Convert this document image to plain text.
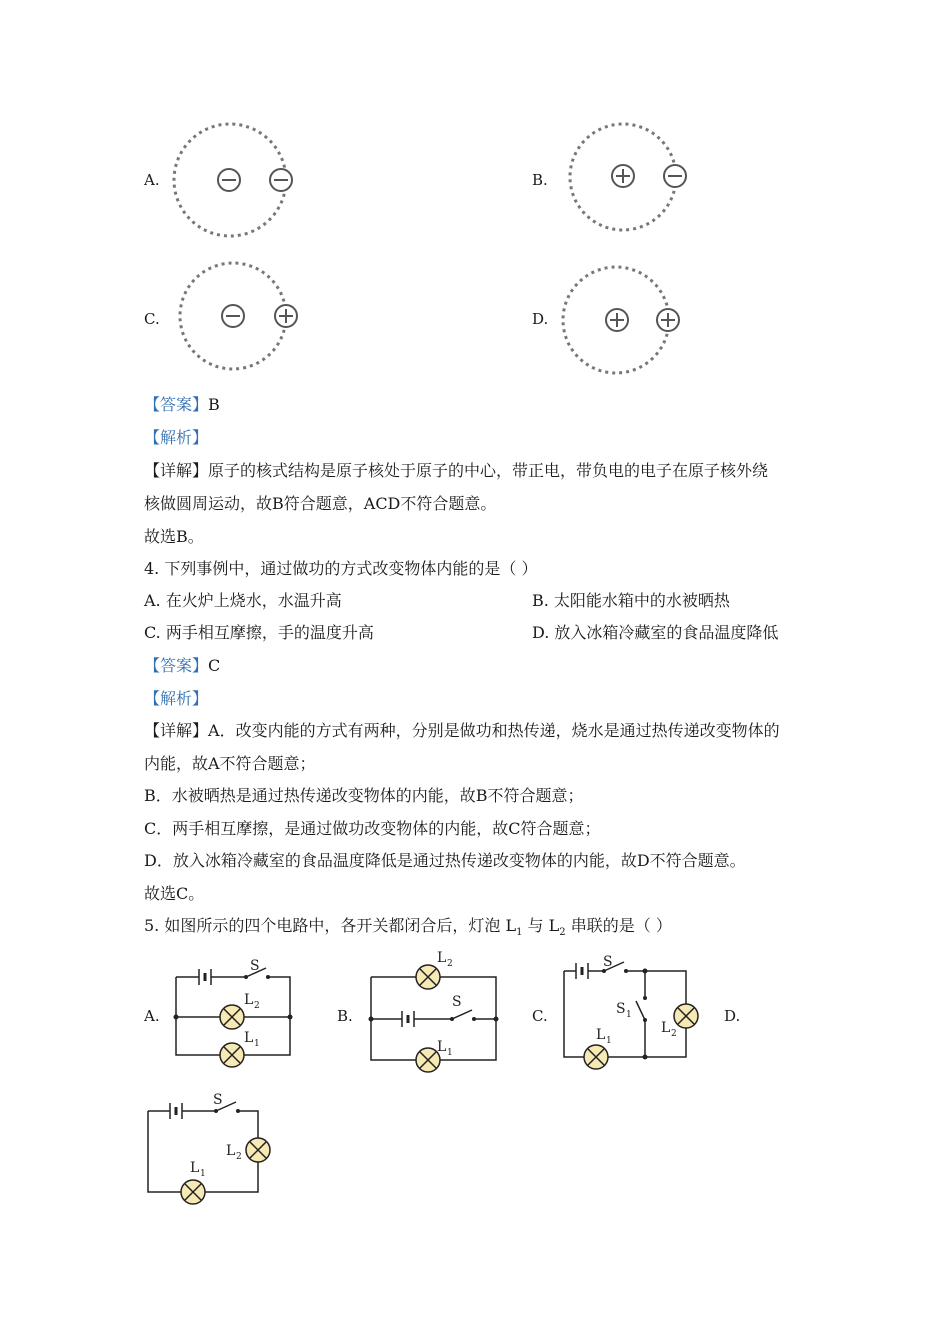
A.	B.
C.	D.
【答案】B
【解析】
【详解】原子的核式结构是原子核处于原子的中心，带正电，带负电的电子在原子核外绕
核做圆周运动，故B符合题意，ACD不符合题意。
故选B。
4. 下列事例中，通过做功的方式改变物体内能的是（ ）
A. 在火炉上烧水，水温升高	B. 太阳能水箱中的水被晒热
C. 两手相互摩擦，手的温度升高	D. 放入冰箱冷藏室的食品温度降低
【答案】C
【解析】
【详解】A．改变内能的方式有两种，分别是做功和热传递，烧水是通过热传递改变物体的
内能，故A不符合题意；
B．水被晒热是通过热传递改变物体的内能，故B不符合题意；
C．两手相互摩擦，是通过做功改变物体的内能，故C符合题意；
D．放入冰箱冷藏室的食品温度降低是通过热传递改变物体的内能，故D不符合题意。
故选C。
5. 如图所示的四个电路中，各开关都闭合后，灯泡 $L_1$ 与 $L_2$ 串联的是（ ）
A.	B.	C.	D.
S
L 2
L 1
L 2
S
L 1
S
S 1
L 1
L 2
S
L 2
L 1
